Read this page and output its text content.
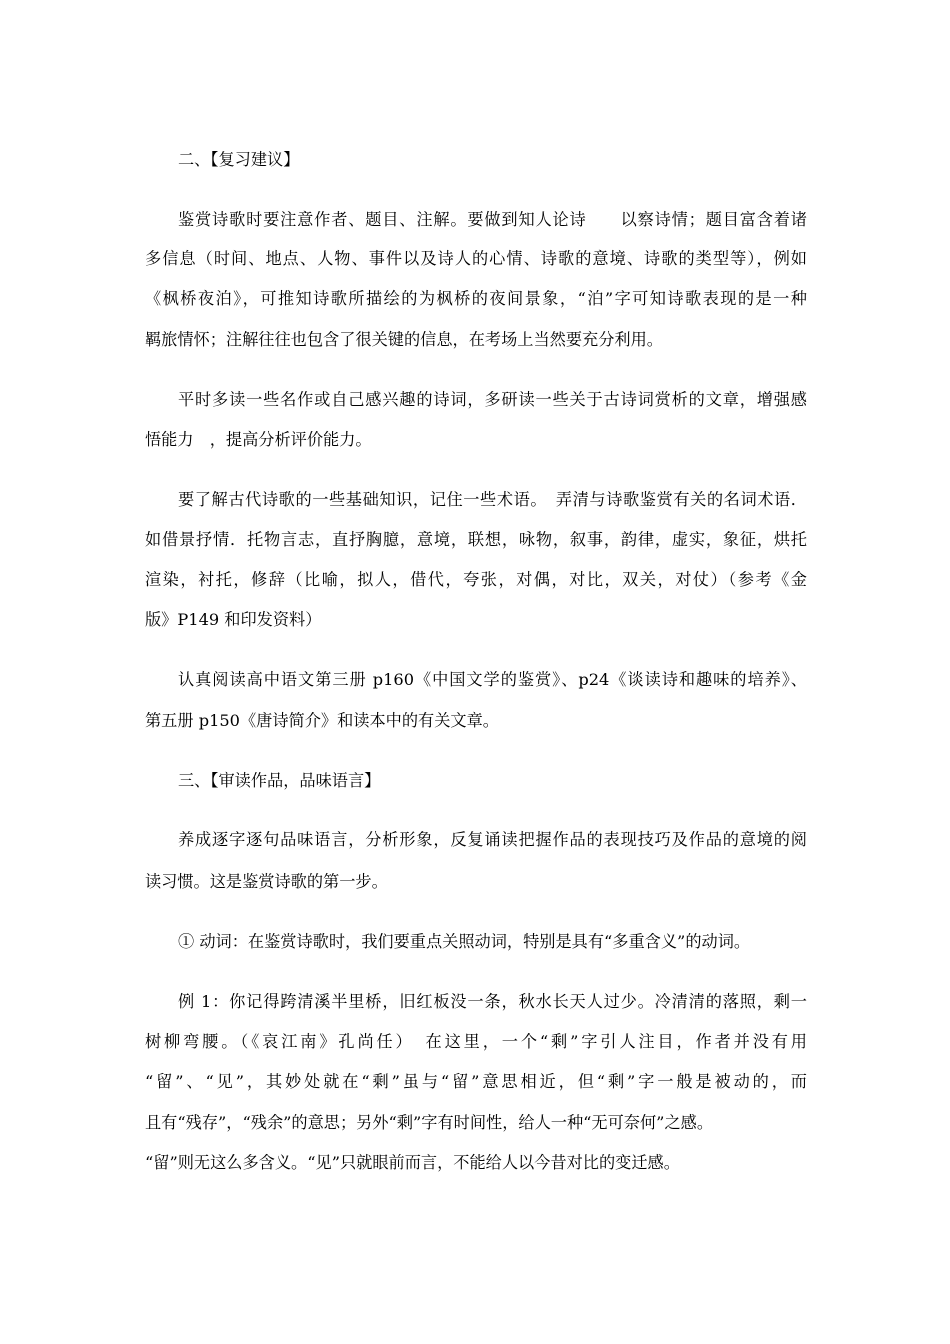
二、【复习建议】
鉴赏诗歌时要注意作者、题目、注解。要做到知人论诗　　以察诗情；题目富含着诸
多信息（时间、地点、人物、事件以及诗人的心情、诗歌的意境、诗歌的类型等），例如
《枫桥夜泊》，可推知诗歌所描绘的为枫桥的夜间景象，“泊”字可知诗歌表现的是一种
羁旅情怀；注解往往也包含了很关键的信息，在考场上当然要充分利用。
平时多读一些名作或自己感兴趣的诗词，多研读一些关于古诗词赏析的文章，增强感
悟能力　，提高分析评价能力。
要了解古代诗歌的一些基础知识，记住一些术语。　弄清与诗歌鉴赏有关的名词术语．
如借景抒情．托物言志，直抒胸臆，意境，联想，咏物，叙事，韵律，虚实，象征，烘托
渲染，衬托，修辞（比喻，拟人，借代，夸张，对偶，对比，双关，对仗）（参考《金
版》P149 和印发资料）
认真阅读高中语文第三册 p160《中国文学的鉴赏》、p24《谈读诗和趣味的培养》、
第五册 p150《唐诗简介》和读本中的有关文章。
三、【审读作品，品味语言】
养成逐字逐句品味语言，分析形象，反复诵读把握作品的表现技巧及作品的意境的阅
读习惯。这是鉴赏诗歌的第一步。
① 动词：在鉴赏诗歌时，我们要重点关照动词，特别是具有“多重含义”的动词。
例 1：你记得跨清溪半里桥，旧红板没一条，秋水长天人过少。冷清清的落照，剩一
树柳弯腰。（《哀江南》孔尚任）　在这里，一个“剩”字引人注目，作者并没有用
“留”、“见”，其妙处就在“剩”虽与“留”意思相近，但“剩”字一般是被动的，而
且有“残存”，“残余”的意思；另外“剩”字有时间性，给人一种“无可奈何”之感。
“留”则无这么多含义。“见”只就眼前而言，不能给人以今昔对比的变迁感。
